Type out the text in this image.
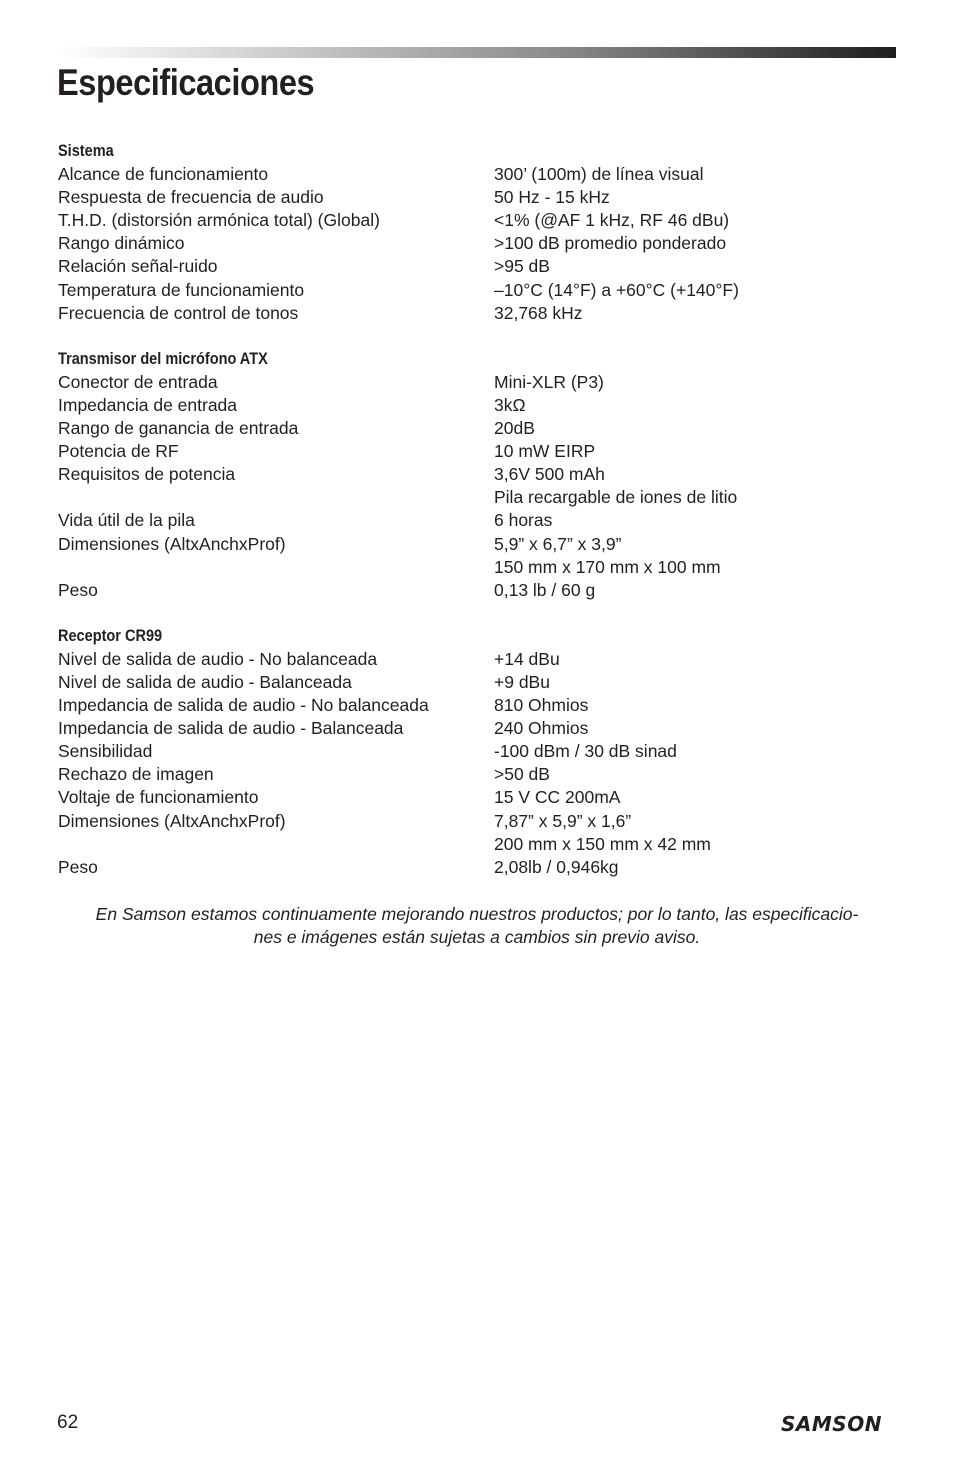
Especificaciones
Sistema
Alcance de funcionamiento	300’ (100m) de línea visual
Respuesta de frecuencia de audio	50 Hz - 15 kHz
T.H.D. (distorsión armónica total) (Global)	<1% (@AF 1 kHz, RF 46 dBu)
Rango dinámico	>100 dB promedio ponderado
Relación señal-ruido	>95 dB
Temperatura de funcionamiento	–10°C (14°F) a +60°C (+140°F)
Frecuencia de control de tonos	32,768 kHz
Transmisor del micrófono ATX
Conector de entrada	Mini-XLR (P3)
Impedancia de entrada	3kΩ
Rango de ganancia de entrada	20dB
Potencia de RF	10 mW EIRP
Requisitos de potencia	3,6V 500 mAh
Pila recargable de iones de litio
Vida útil de la pila	6 horas
Dimensiones (AltxAnchxProf)	5,9” x 6,7” x 3,9”
150 mm x 170 mm x 100 mm
Peso	0,13 lb / 60 g
Receptor CR99
Nivel de salida de audio - No balanceada	+14 dBu
Nivel de salida de audio - Balanceada	+9 dBu
Impedancia de salida de audio - No balanceada	810 Ohmios
Impedancia de salida de audio - Balanceada	240 Ohmios
Sensibilidad	-100 dBm / 30 dB sinad
Rechazo de imagen	>50 dB
Voltaje de funcionamiento	15 V CC 200mA
Dimensiones (AltxAnchxProf)	7,87” x 5,9” x 1,6”
200 mm x 150 mm x 42 mm
Peso	2,08lb / 0,946kg
En Samson estamos continuamente mejorando nuestros productos; por lo tanto, las especificacio-
nes e imágenes están sujetas a cambios sin previo aviso.
62	SAMSON
